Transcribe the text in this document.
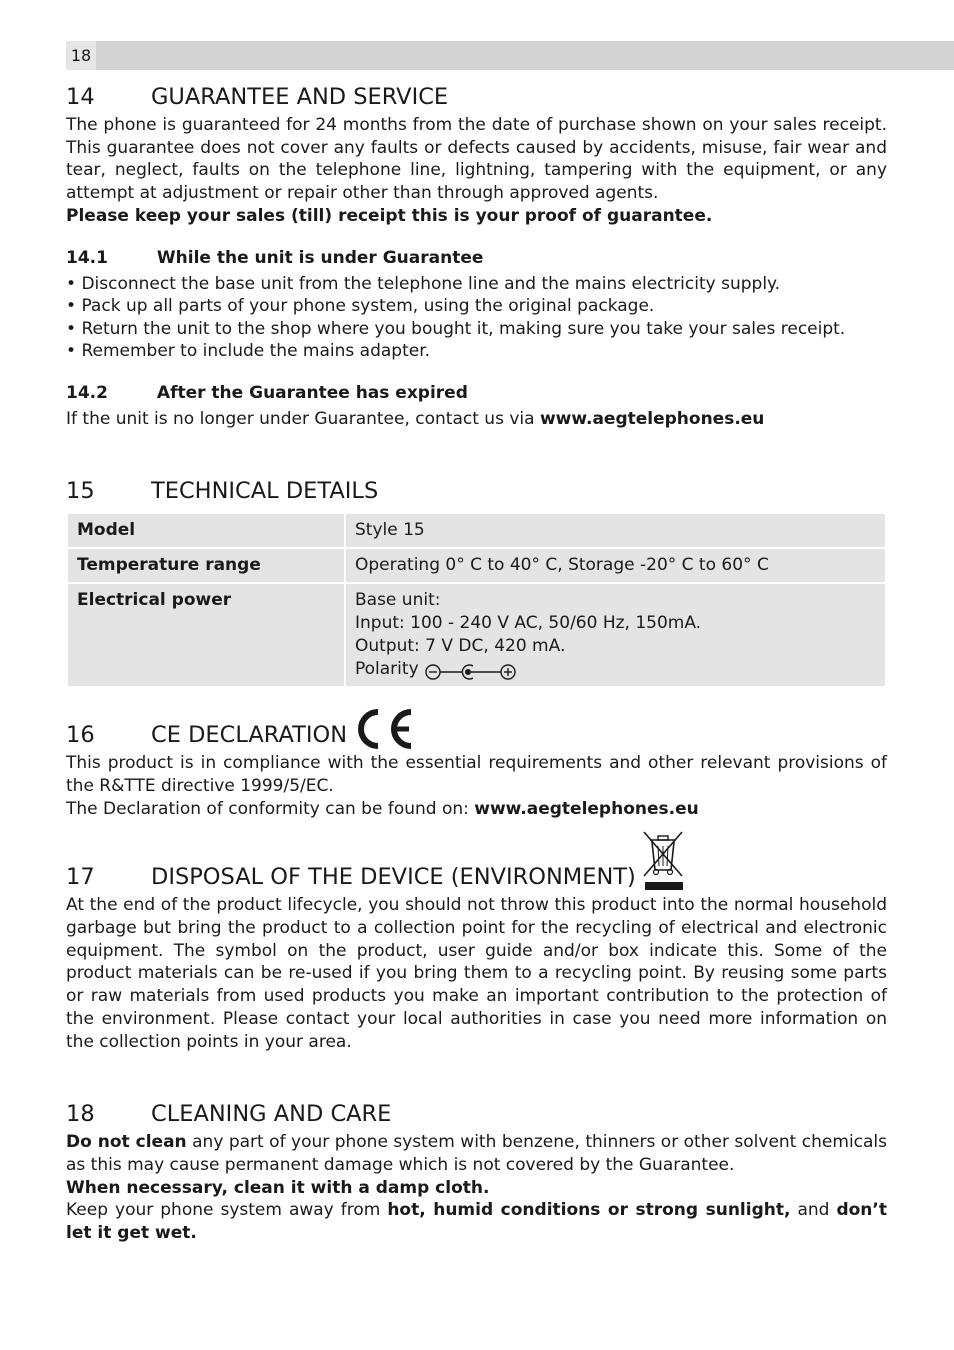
18
14	GUARANTEE AND SERVICE

The phone is guaranteed for 24 months from the date of purchase shown on your sales receipt. This guarantee does not cover any faults or defects caused by accidents, misuse, fair wear and tear, neglect, faults on the telephone line, lightning, tampering with the equipment, or any attempt at adjustment or repair other than through approved agents.

Please keep your sales (till) receipt this is your proof of guarantee.

14.1	While the unit is under Guarantee
• Disconnect the base unit from the telephone line and the mains electricity supply.
• Pack up all parts of your phone system, using the original package.
• Return the unit to the shop where you bought it, making sure you take your sales receipt.
• Remember to include the mains adapter.
14.2	After the Guarantee has expired

If the unit is no longer under Guarantee, contact us via www.aegtelephones.eu

15	TECHNICAL DETAILS
Model	Style 15
Temperature range	Operating 0° C to 40° C, Storage -20° C to 60° C
Electrical power	Base unit:
Input: 100 - 240 V AC, 50/60 Hz, 150mA.
Output: 7 V DC, 420 mA.
Polarity
16	CE DECLARATION

This product is in compliance with the essential requirements and other relevant provisions of the R&TTE directive 1999/5/EC.

The Declaration of conformity can be found on: www.aegtelephones.eu

17	DISPOSAL OF THE DEVICE (ENVIRONMENT)

At the end of the product lifecycle, you should not throw this product into the normal household garbage but bring the product to a collection point for the recycling of electrical and electronic equipment. The symbol on the product, user guide and/or box indicate this. Some of the product materials can be re-used if you bring them to a recycling point. By reusing some parts or raw materials from used products you make an important contribution to the protection of the environment. Please contact your local authorities in case you need more information on the collection points in your area.

18	CLEANING AND CARE

Do not clean any part of your phone system with benzene, thinners or other solvent chemicals as this may cause permanent damage which is not covered by the Guarantee.

When necessary, clean it with a damp cloth.

Keep your phone system away from hot, humid conditions or strong sunlight, and don’t let it get wet.
